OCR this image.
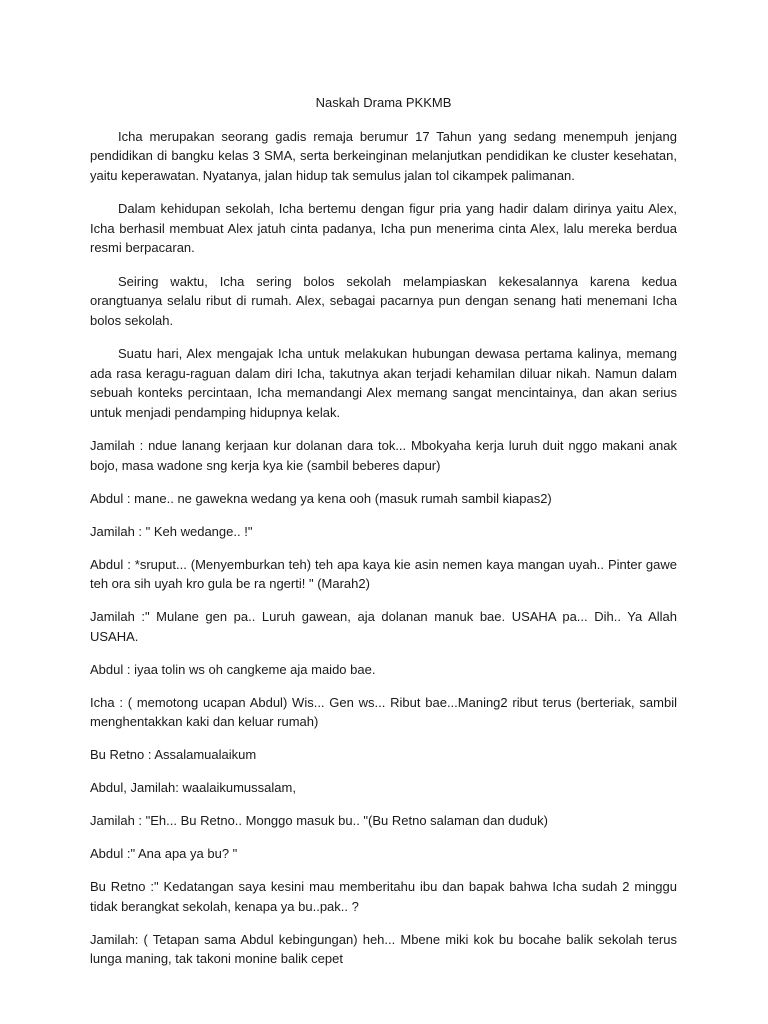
Naskah Drama PKKMB

Icha merupakan seorang gadis remaja berumur 17 Tahun yang sedang menempuh jenjang pendidikan di bangku kelas 3 SMA, serta berkeinginan melanjutkan pendidikan ke cluster kesehatan, yaitu keperawatan. Nyatanya, jalan hidup tak semulus jalan tol cikampek palimanan.

Dalam kehidupan sekolah, Icha bertemu dengan figur pria yang hadir dalam dirinya yaitu Alex, Icha berhasil membuat Alex jatuh cinta padanya, Icha pun menerima cinta Alex, lalu mereka berdua resmi berpacaran.

Seiring waktu, Icha sering bolos sekolah melampiaskan kekesalannya karena kedua orangtuanya selalu ribut di rumah. Alex, sebagai pacarnya pun dengan senang hati menemani Icha bolos sekolah.

Suatu hari, Alex mengajak Icha untuk melakukan hubungan dewasa pertama kalinya, memang ada rasa keragu-raguan dalam diri Icha, takutnya akan terjadi kehamilan diluar nikah. Namun dalam sebuah konteks percintaan, Icha memandangi Alex memang sangat mencintainya, dan akan serius untuk menjadi pendamping hidupnya kelak.

Jamilah : ndue lanang kerjaan kur dolanan dara tok... Mbokyaha kerja luruh duit nggo makani anak bojo, masa wadone sng kerja kya kie (sambil beberes dapur)

Abdul : mane.. ne gawekna wedang ya kena ooh (masuk rumah sambil kiapas2)

Jamilah : " Keh wedange.. !"

Abdul : *sruput... (Menyemburkan teh) teh apa kaya kie asin nemen kaya mangan uyah.. Pinter gawe teh ora sih uyah kro gula be ra ngerti! " (Marah2)

Jamilah :" Mulane gen pa.. Luruh gawean, aja dolanan manuk bae. USAHA pa... Dih.. Ya Allah USAHA.

Abdul : iyaa tolin ws oh cangkeme aja maido bae.

Icha : ( memotong ucapan Abdul) Wis... Gen ws... Ribut bae...Maning2 ribut terus (berteriak, sambil menghentakkan kaki dan keluar rumah)

Bu Retno : Assalamualaikum

Abdul, Jamilah: waalaikumussalam,

Jamilah : "Eh... Bu Retno.. Monggo masuk bu.. "(Bu Retno salaman dan duduk)

Abdul :" Ana apa ya bu? "

Bu Retno :" Kedatangan saya kesini mau memberitahu ibu dan bapak bahwa Icha sudah 2 minggu tidak berangkat sekolah, kenapa ya bu..pak.. ?

Jamilah: ( Tetapan sama Abdul kebingungan) heh... Mbene miki kok bu bocahe balik sekolah terus lunga maning, tak takoni monine balik cepet
